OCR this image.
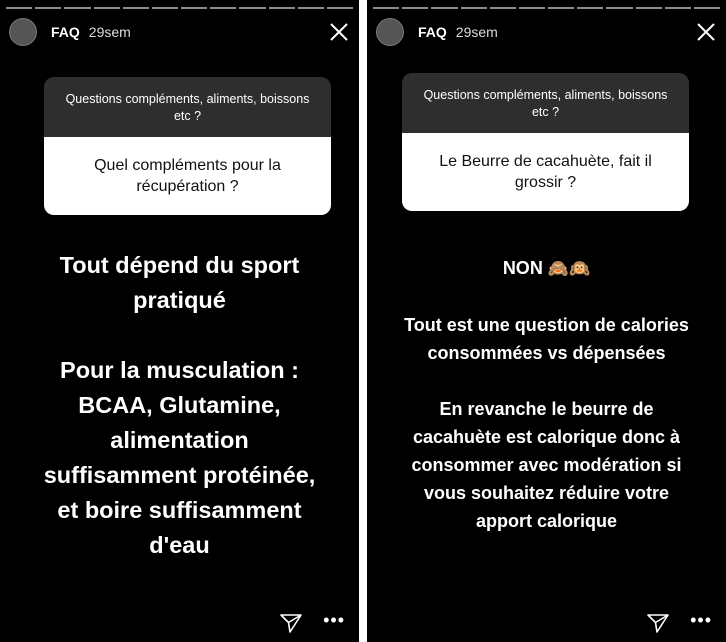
FAQ 29sem
Questions compléments, aliments, boissons etc ?
Quel compléments pour la récupération ?
Tout dépend du sport
pratiqué
Pour la musculation :
BCAA, Glutamine,
alimentation
suffisamment protéinée,
et boire suffisamment
d'eau
•••
FAQ 29sem
Questions compléments, aliments, boissons etc ?
Le Beurre de cacahuète, fait il grossir ?
NON 🙈🙉
Tout est une question de calories
consommées vs dépensées
En revanche le beurre de
cacahuète est calorique donc à
consommer avec modération si
vous souhaitez réduire votre
apport calorique
•••
